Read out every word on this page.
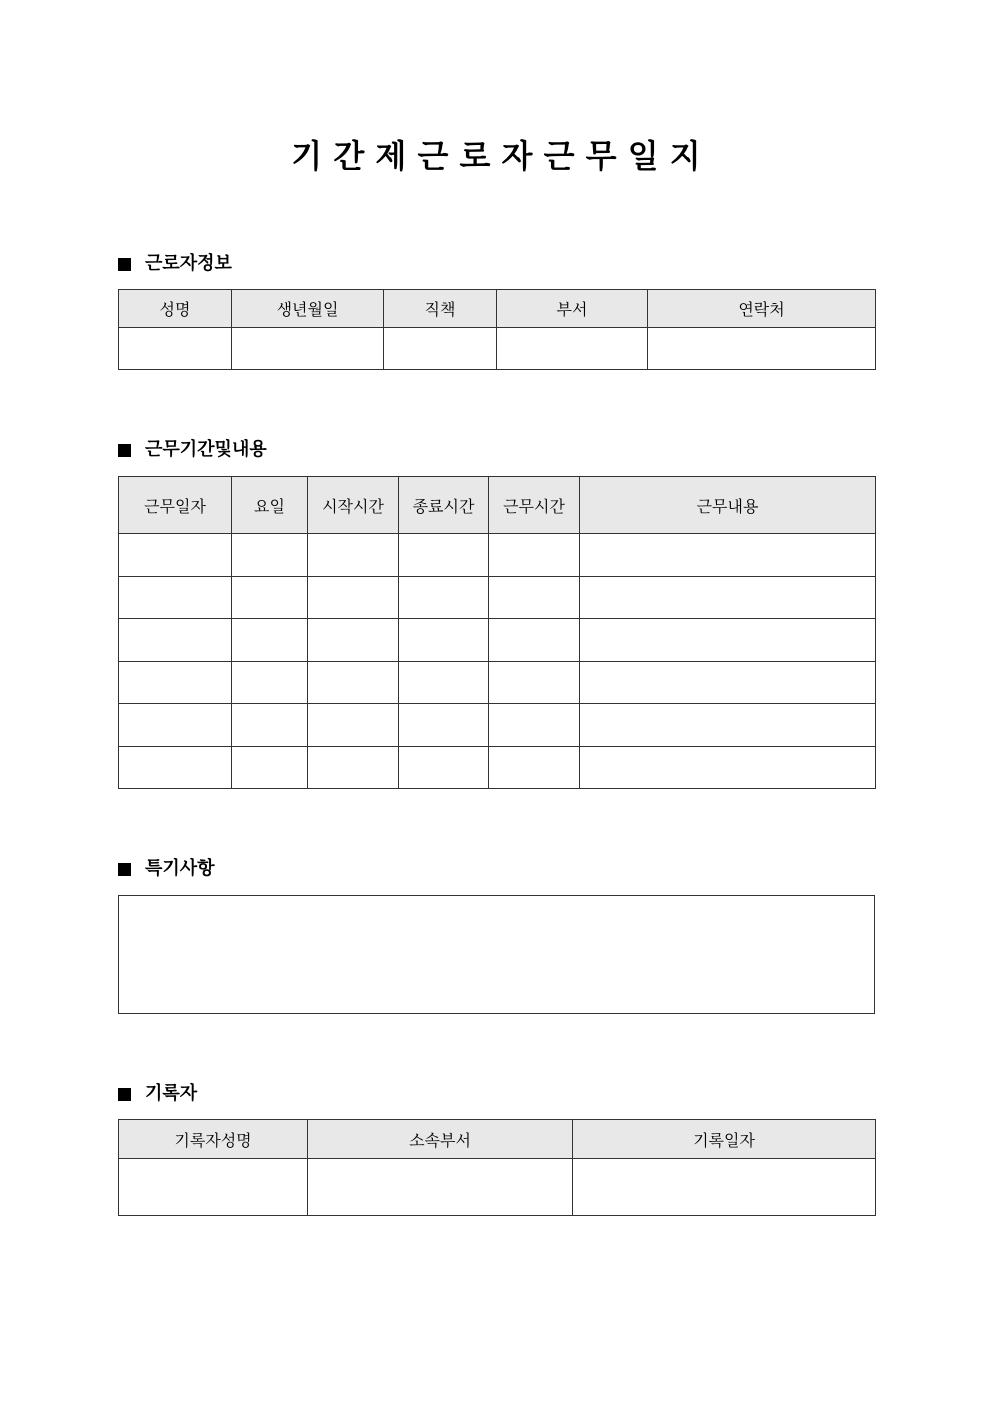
기 간 제 근 로 자 근 무 일 지
근로자정보
성명	생년월일	직책	부서	연락처

근무기간및내용
근무일자	요일	시작시간	종료시간	근무시간	근무내용

특기사항
기록자
기록자성명	소속부서	기록일자
